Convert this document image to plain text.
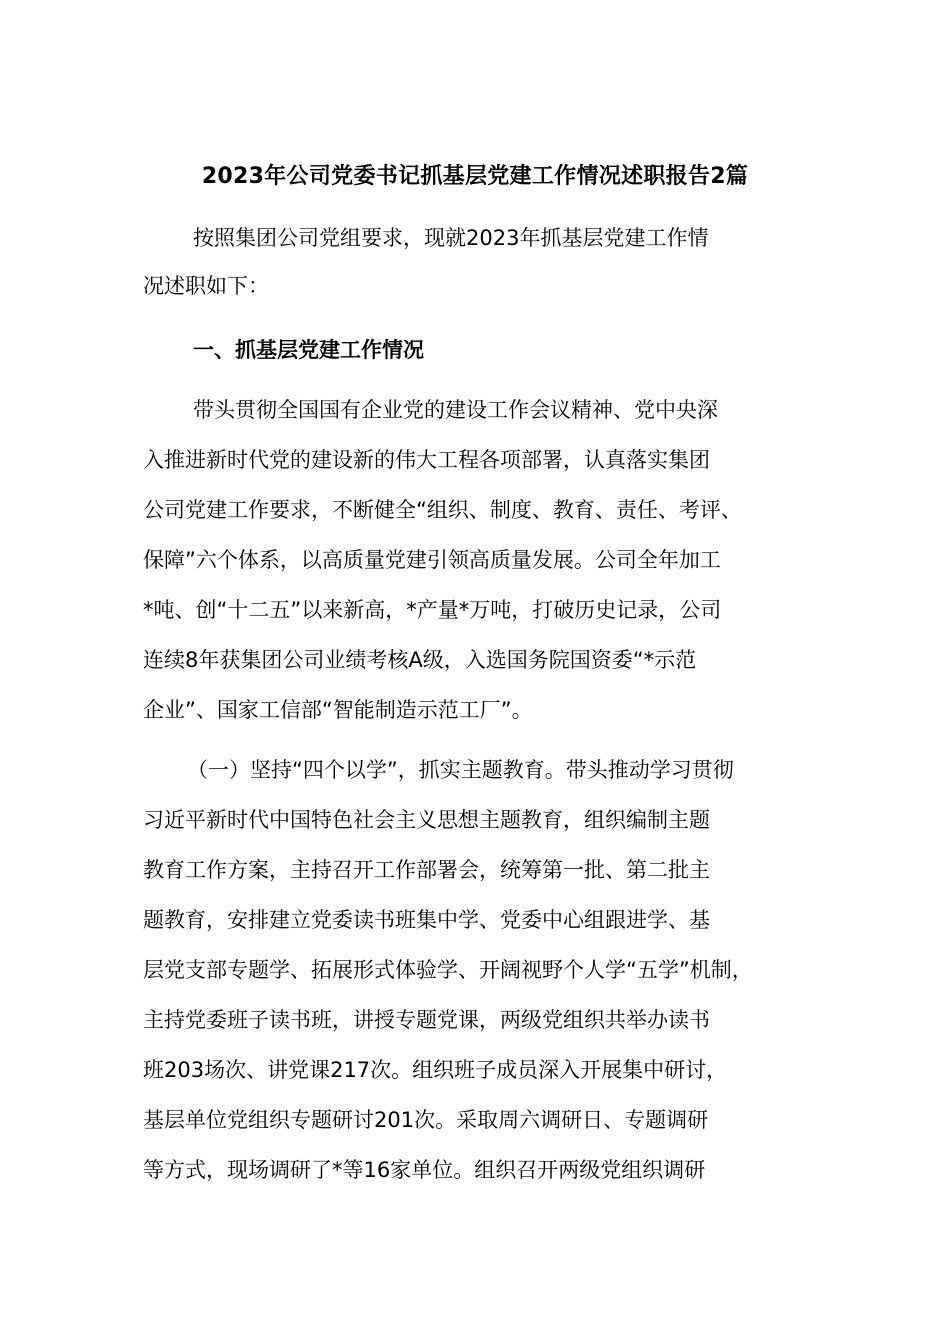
2023年公司党委书记抓基层党建工作情况述职报告2篇
按照集团公司党组要求，现就2023年抓基层党建工作情
况述职如下：
一、抓基层党建工作情况
带头贯彻全国国有企业党的建设工作会议精神、党中央深
入推进新时代党的建设新的伟大工程各项部署，认真落实集团
公司党建工作要求，不断健全“组织、制度、教育、责任、考评、
保障”六个体系，以高质量党建引领高质量发展。公司全年加工
*吨、创“十二五”以来新高，*产量*万吨，打破历史记录，公司
连续8年获集团公司业绩考核A级，入选国务院国资委“*示范
企业”、国家工信部“智能制造示范工厂”。
（一）坚持“四个以学”，抓实主题教育。带头推动学习贯彻
习近平新时代中国特色社会主义思想主题教育，组织编制主题
教育工作方案，主持召开工作部署会，统筹第一批、第二批主
题教育，安排建立党委读书班集中学、党委中心组跟进学、基
层党支部专题学、拓展形式体验学、开阔视野个人学“五学”机制，
主持党委班子读书班，讲授专题党课，两级党组织共举办读书
班203场次、讲党课217次。组织班子成员深入开展集中研讨，
基层单位党组织专题研讨201次。采取周六调研日、专题调研
等方式，现场调研了*等16家单位。组织召开两级党组织调研
